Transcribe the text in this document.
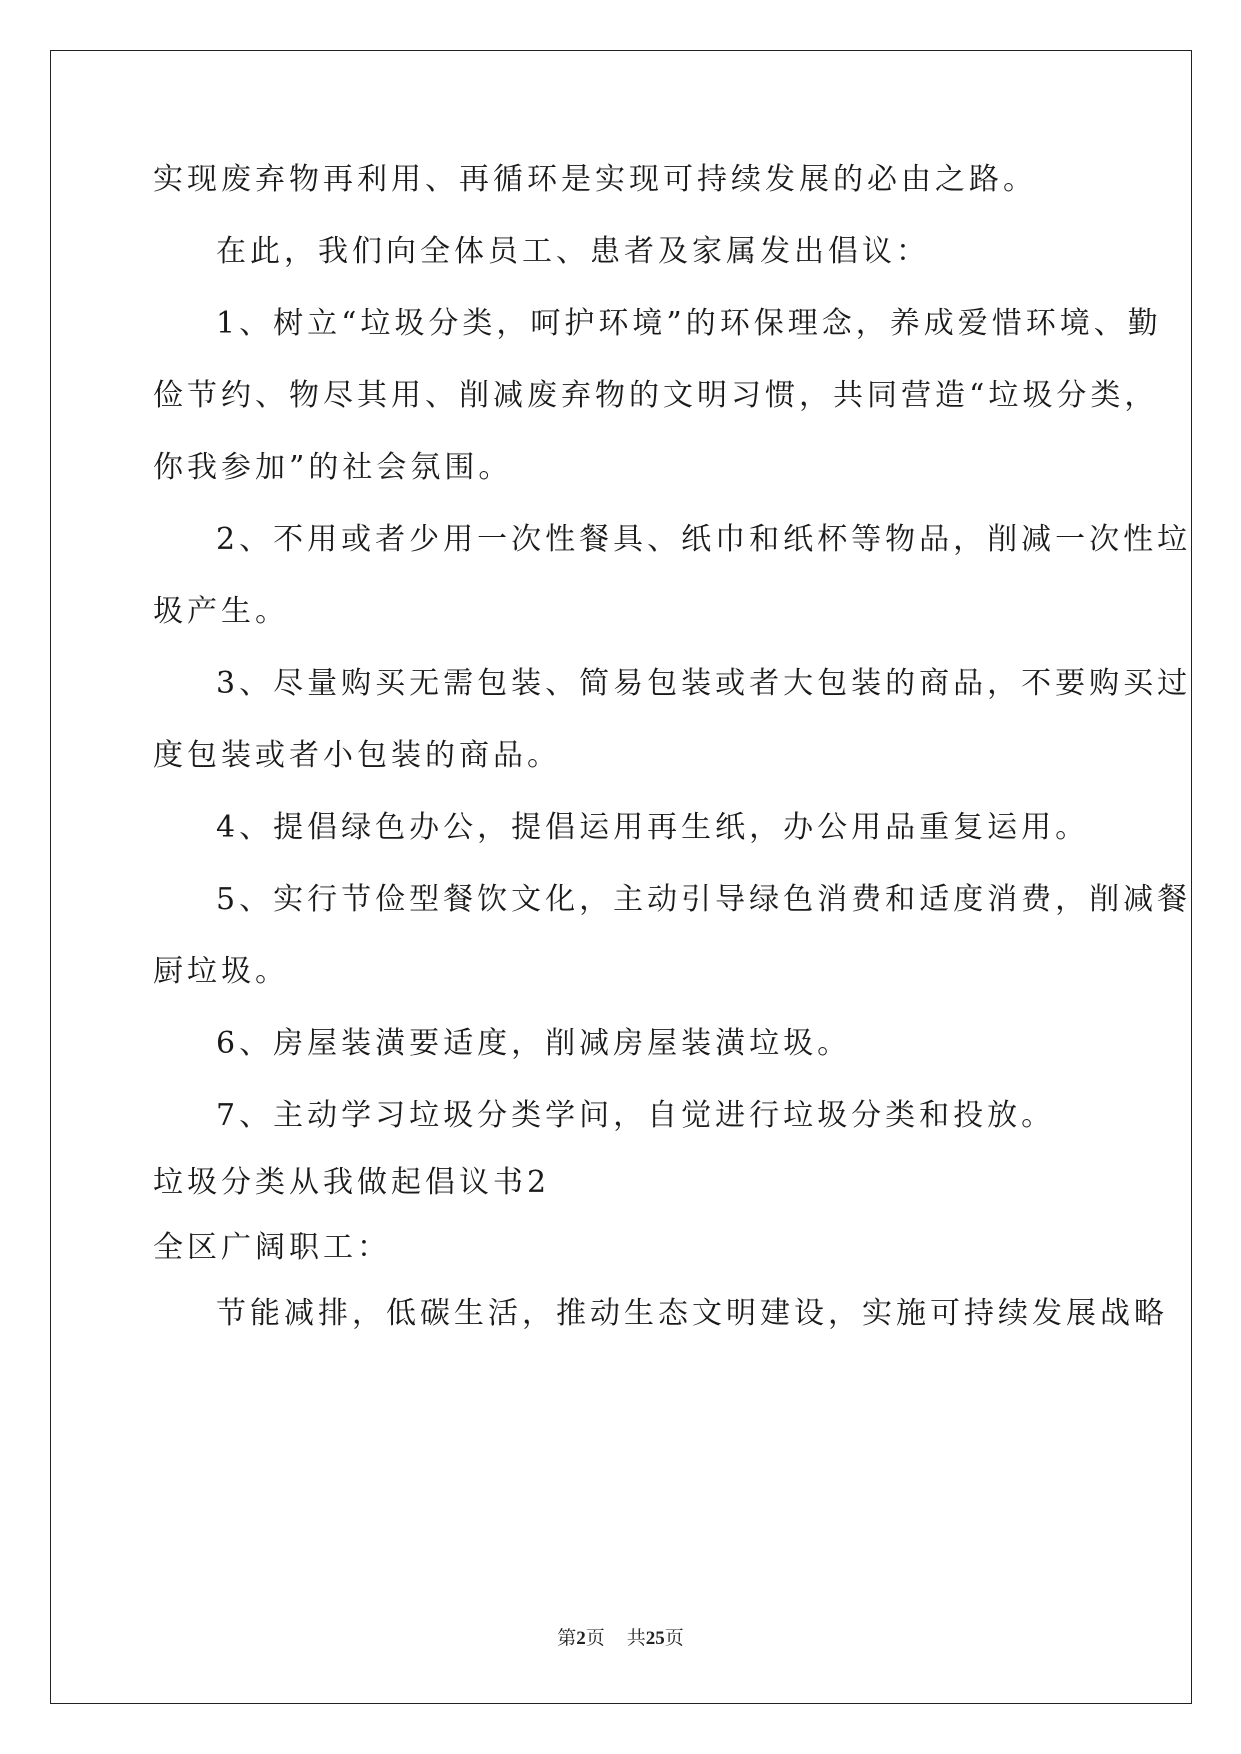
实现废弃物再利用、再循环是实现可持续发展的必由之路。
在此，我们向全体员工、患者及家属发出倡议：
1、树立“垃圾分类，呵护环境”的环保理念，养成爱惜环境、勤
俭节约、物尽其用、削减废弃物的文明习惯，共同营造“垃圾分类，
你我参加”的社会氛围。
2、不用或者少用一次性餐具、纸巾和纸杯等物品，削减一次性垃
圾产生。
3、尽量购买无需包装、简易包装或者大包装的商品，不要购买过
度包装或者小包装的商品。
4、提倡绿色办公，提倡运用再生纸，办公用品重复运用。
5、实行节俭型餐饮文化，主动引导绿色消费和适度消费，削减餐
厨垃圾。
6、房屋装潢要适度，削减房屋装潢垃圾。
7、主动学习垃圾分类学问，自觉进行垃圾分类和投放。
垃圾分类从我做起倡议书2
全区广阔职工：
节能减排，低碳生活，推动生态文明建设，实施可持续发展战略
第2页 共25页
